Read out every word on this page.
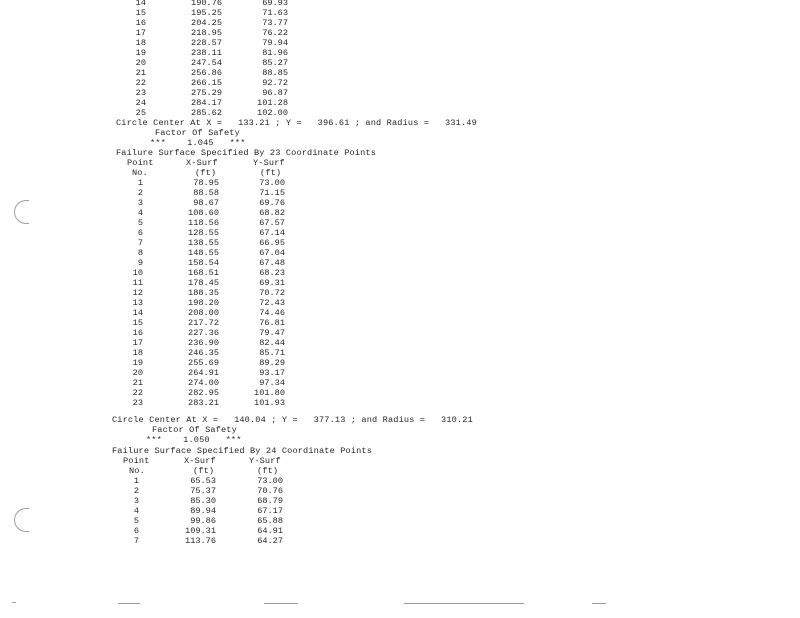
14	190.76	69.93
15	195.25	71.63
16	204.25	73.77
17	218.95	76.22
18	228.57	79.94
19	238.11	81.96
20	247.54	85.27
21	256.86	88.85
22	266.15	92.72
23	275.29	96.87
24	284.17	101.28
25	285.62	102.00
Circle Center At X =   133.21 ; Y =   396.61 ; and Radius =   331.49
Factor Of Safety
***    1.045   ***
Failure Surface Specified By 23 Coordinate Points
Point	X-Surf	Y-Surf
No.	(ft)	(ft)
1	78.95	73.00
2	88.58	71.15
3	98.67	69.76
4	108.60	68.82
5	118.56	67.57
6	128.55	67.14
7	138.55	66.95
8	148.55	67.04
9	158.54	67.48
10	168.51	68.23
11	178.45	69.31
12	188.35	70.72
13	198.20	72.43
14	208.00	74.46
15	217.72	76.81
16	227.36	79.47
17	236.90	82.44
18	246.35	85.71
19	255.69	89.29
20	264.91	93.17
21	274.00	97.34
22	282.95	101.80
23	283.21	101.93
Circle Center At X =   140.04 ; Y =   377.13 ; and Radius =   310.21
Factor Of Safety
***    1.050   ***
Failure Surface Specified By 24 Coordinate Points
Point	X-Surf	Y-Surf
No.	(ft)	(ft)
1	65.53	73.00
2	75.37	70.76
3	85.30	68.79
4	89.94	67.17
5	99.86	65.88
6	109.31	64.91
7	113.76	64.27
